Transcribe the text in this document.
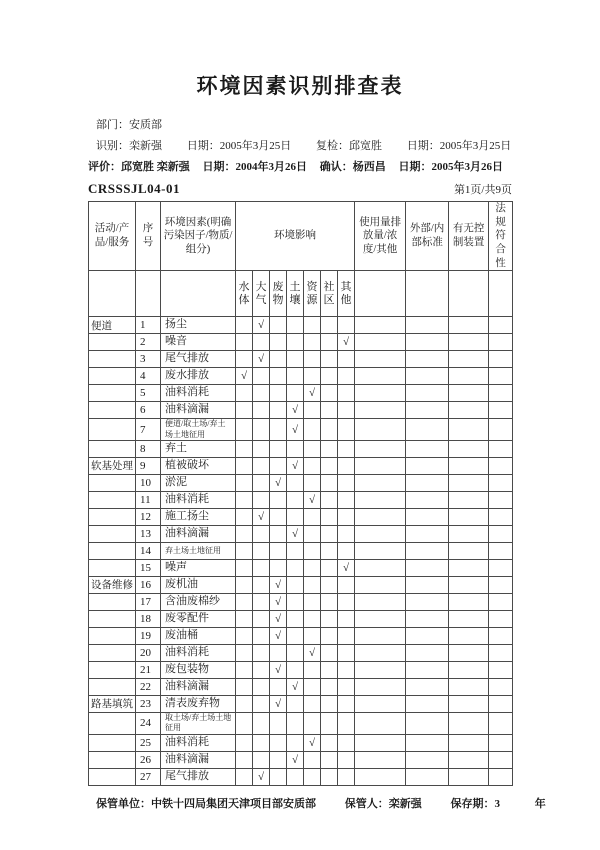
环境因素识别排查表
部门：安质部
识别：栾新强 日期：2005年3月25日 复检：邱宽胜 日期：2005年3月25日
评价：邱宽胜 栾新强 日期：2004年3月26日 确认：杨西昌 日期：2005年3月26日
CRSSSJL04-01	第1页/共9页
活动/产品/服务	序号	环境因素(明确污染因子/物质/组分)	环境影响							使用量排放量/浓度/其他	外部/内部标准	有无控制装置	法规符合性
			水体	大气	废物	土壤	资源	社区	其他				
便道	1	扬尘		√									
	2	噪音							√				
	3	尾气排放		√									
	4	废水排放	√										
	5	油料消耗					√						
	6	油料滴漏				√							
	7	便道/取土场/弃土场土地征用				√							
	8	弃土											
软基处理	9	植被破坏				√							
	10	淤泥			√								
	11	油料消耗					√						
	12	施工扬尘		√									
	13	油料滴漏				√							
	14	弃土场土地征用											
	15	噪声							√				
设备维修	16	废机油			√								
	17	含油废棉纱			√								
	18	废零配件			√								
	19	废油桶			√								
	20	油料消耗					√						
	21	废包装物			√								
	22	油料滴漏				√							
路基填筑	23	清表废弃物			√								
	24	取土场/弃土场土地征用											
	25	油料消耗					√						
	26	油料滴漏				√							
	27	尾气排放		√									
保管单位：中铁十四局集团天津项目部安质部	保管人：栾新强	保存期：3	年
